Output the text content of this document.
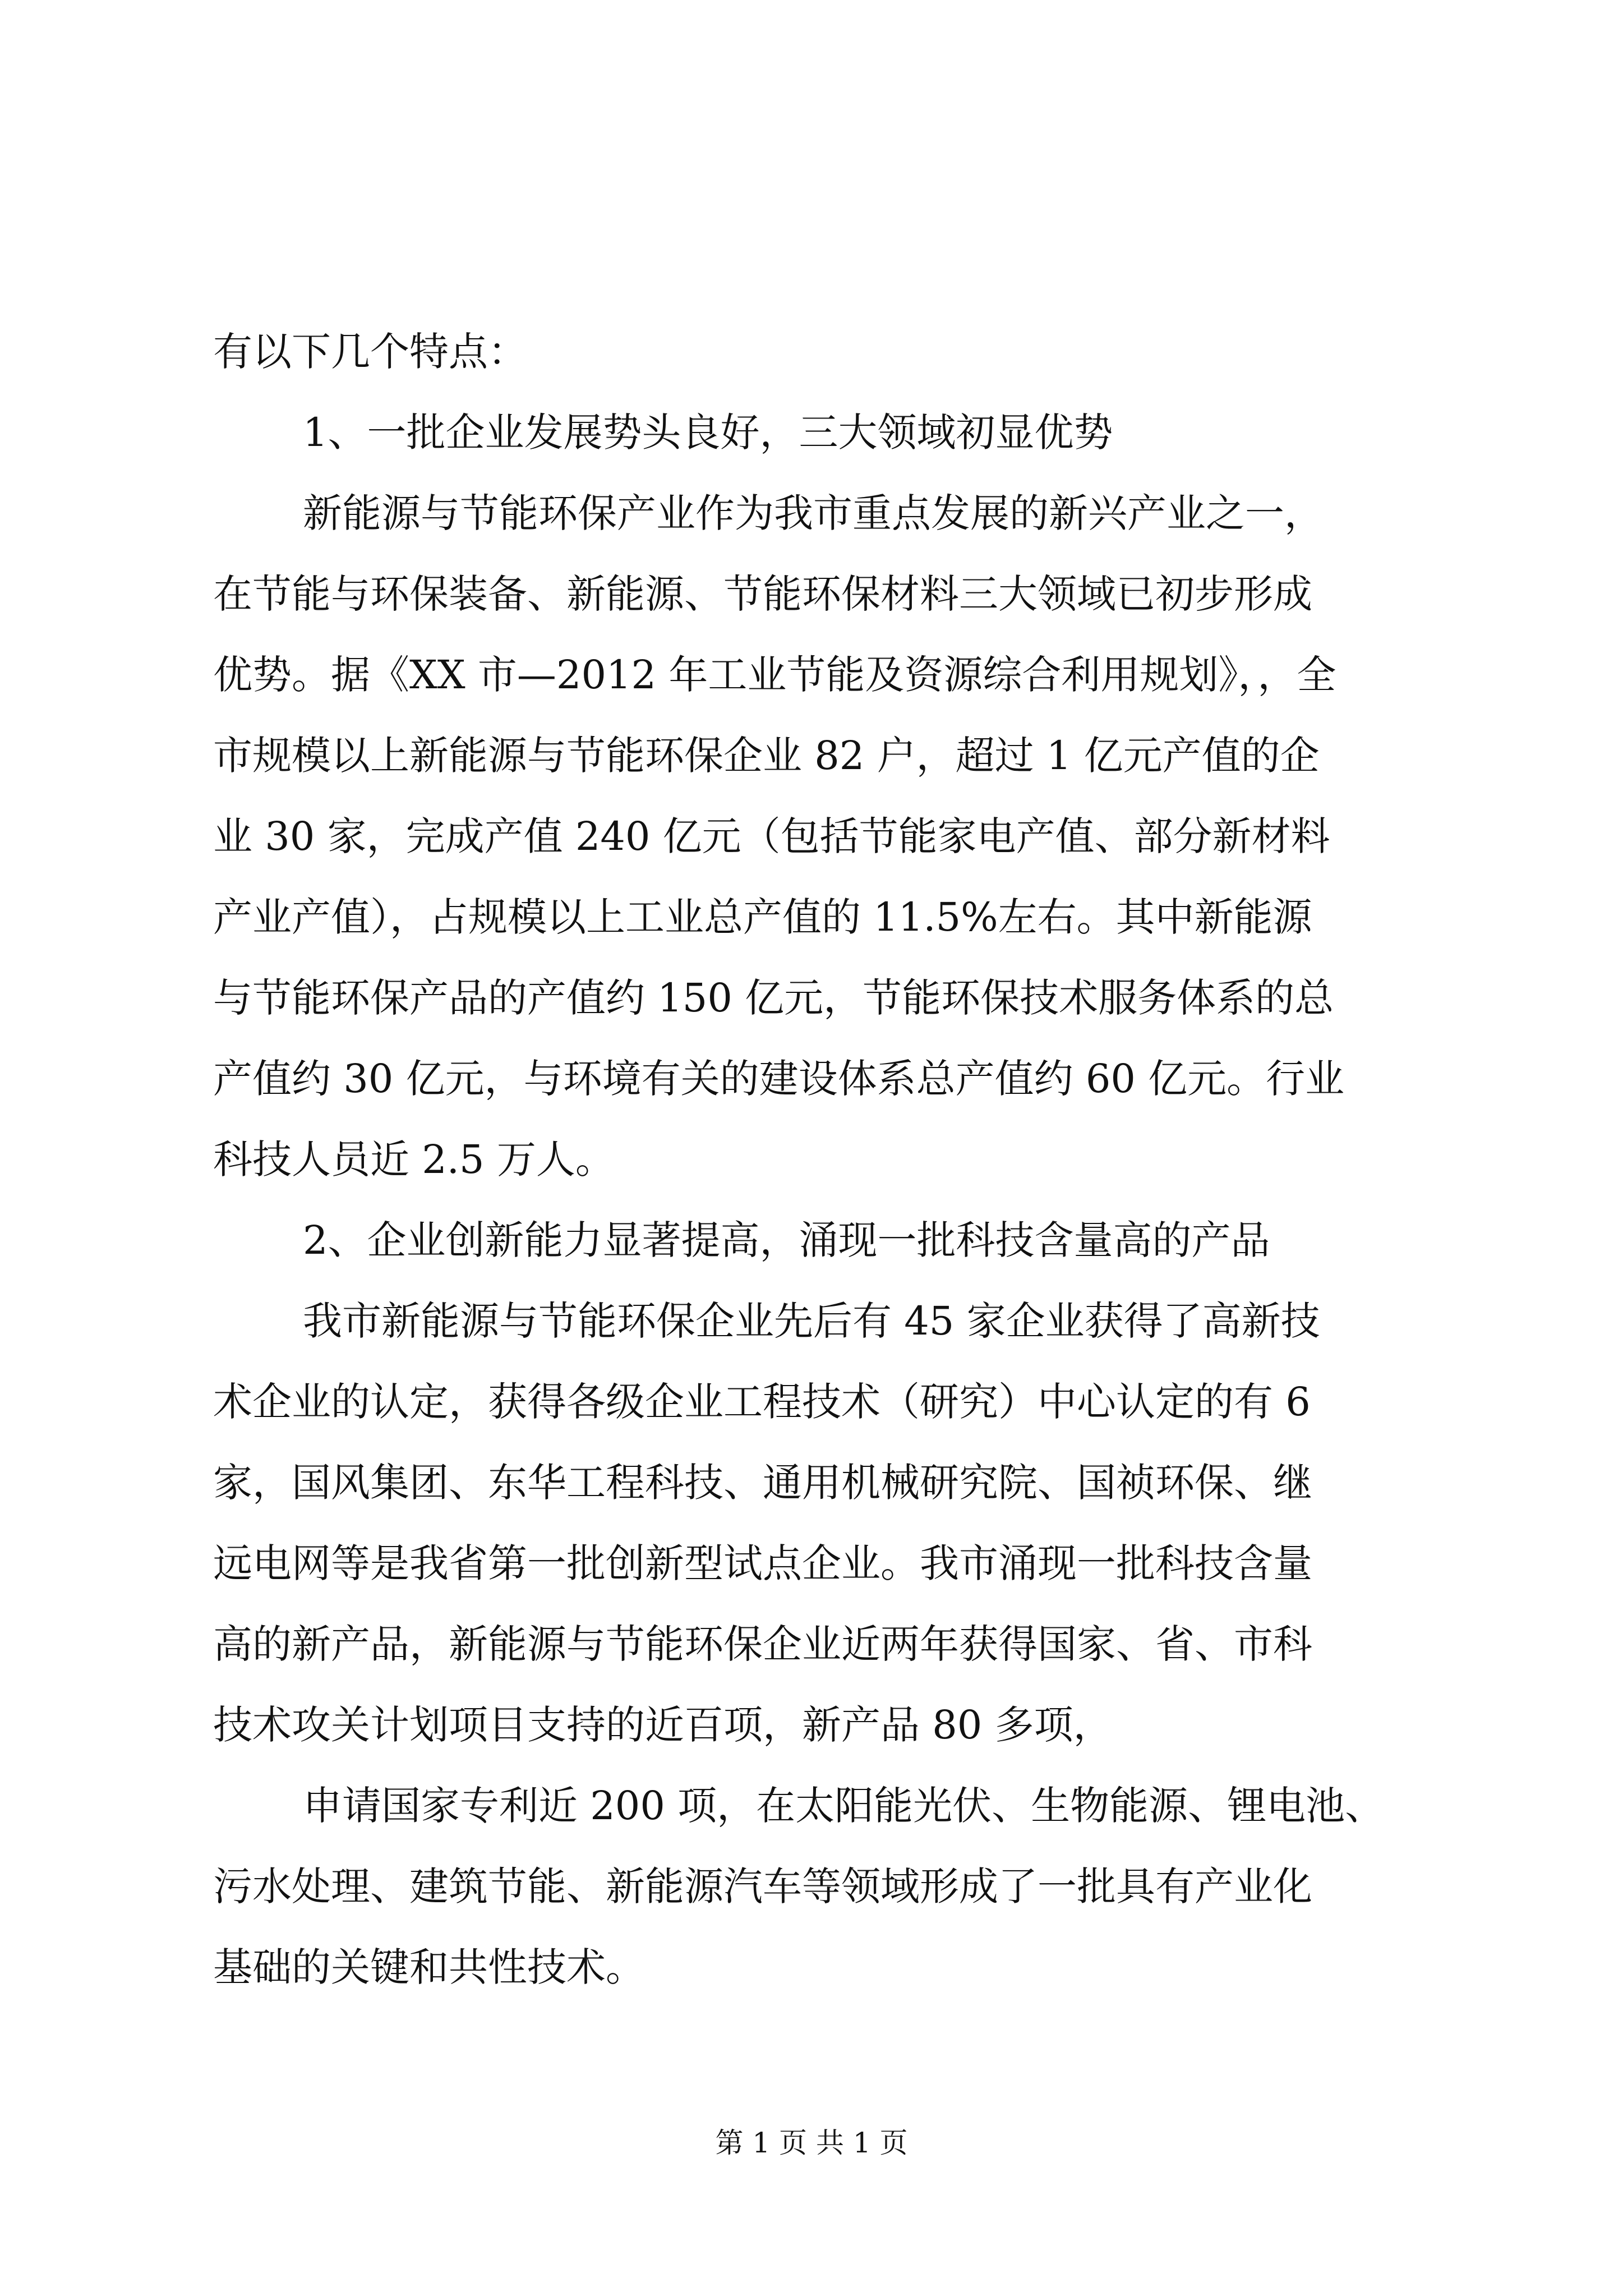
有以下几个特点：
1、一批企业发展势头良好，三大领域初显优势
新能源与节能环保产业作为我市重点发展的新兴产业之一，
在节能与环保装备、新能源、节能环保材料三大领域已初步形成
优势。据《XX 市—2012 年工业节能及资源综合利用规划》，，全
市规模以上新能源与节能环保企业 82 户，超过 1 亿元产值的企
业 30 家，完成产值 240 亿元（包括节能家电产值、部分新材料
产业产值），占规模以上工业总产值的 11.5%左右。其中新能源
与节能环保产品的产值约 150 亿元，节能环保技术服务体系的总
产值约 30 亿元，与环境有关的建设体系总产值约 60 亿元。行业
科技人员近 2.5 万人。
2、企业创新能力显著提高，涌现一批科技含量高的产品
我市新能源与节能环保企业先后有 45 家企业获得了高新技
术企业的认定，获得各级企业工程技术（研究）中心认定的有 6
家，国风集团、东华工程科技、通用机械研究院、国祯环保、继
远电网等是我省第一批创新型试点企业。我市涌现一批科技含量
高的新产品，新能源与节能环保企业近两年获得国家、省、市科
技术攻关计划项目支持的近百项，新产品 80 多项，
申请国家专利近 200 项，在太阳能光伏、生物能源、锂电池、
污水处理、建筑节能、新能源汽车等领域形成了一批具有产业化
基础的关键和共性技术。
第 1 页 共 1 页
